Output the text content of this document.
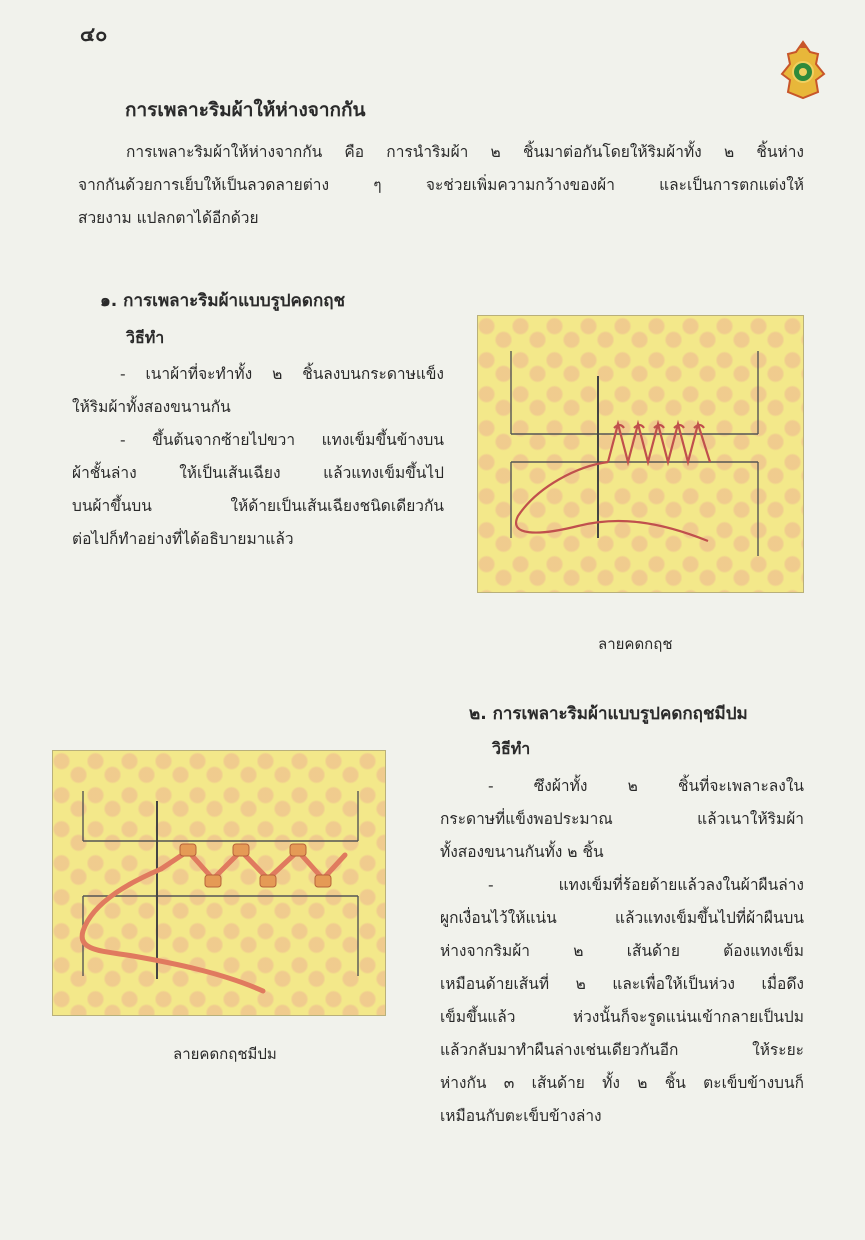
๔๐
การเพลาะริมผ้าให้ห่างจากกัน

การเพลาะริมผ้าให้ห่างจากกัน คือ การนำริมผ้า ๒ ชิ้นมาต่อกันโดยให้ริมผ้าทั้ง ๒ ชิ้นห่าง

จากกันด้วยการเย็บให้เป็นลวดลายต่าง ๆ จะช่วยเพิ่มความกว้างของผ้า และเป็นการตกแต่งให้

สวยงาม แปลกตาได้อีกด้วย

๑. การเพลาะริมผ้าแบบรูปคดกฤช
วิธีทำ

- เนาผ้าที่จะทำทั้ง ๒ ชิ้นลงบนกระดาษแข็ง

ให้ริมผ้าทั้งสองขนานกัน

- ขึ้นต้นจากซ้ายไปขวา แทงเข็มขึ้นข้างบน

ผ้าชั้นล่าง ให้เป็นเส้นเฉียง แล้วแทงเข็มขึ้นไป

บนผ้าขึ้นบน ให้ด้ายเป็นเส้นเฉียงชนิดเดียวกัน

ต่อไปก็ทำอย่างที่ได้อธิบายมาแล้ว

ลายคดกฤช
๒. การเพลาะริมผ้าแบบรูปคดกฤชมีปม
วิธีทำ

- ซึงผ้าทั้ง ๒ ชิ้นที่จะเพลาะลงใน

กระดาษที่แข็งพอประมาณ แล้วเนาให้ริมผ้า

ทั้งสองขนานกันทั้ง ๒ ชิ้น

- แทงเข็มที่ร้อยด้ายแล้วลงในผ้าผืนล่าง

ผูกเงื่อนไว้ให้แน่น แล้วแทงเข็มขึ้นไปที่ผ้าผืนบน

ห่างจากริมผ้า ๒ เส้นด้าย ต้องแทงเข็ม

เหมือนด้ายเส้นที่ ๒ และเพื่อให้เป็นห่วง เมื่อดึง

เข็มขึ้นแล้ว ห่วงนั้นก็จะรูดแน่นเข้ากลายเป็นปม

แล้วกลับมาทำผืนล่างเช่นเดียวกันอีก ให้ระยะ

ห่างกัน ๓ เส้นด้าย ทั้ง ๒ ชิ้น ตะเข็บข้างบนก็

เหมือนกับตะเข็บข้างล่าง

ลายคดกฤชมีปม
